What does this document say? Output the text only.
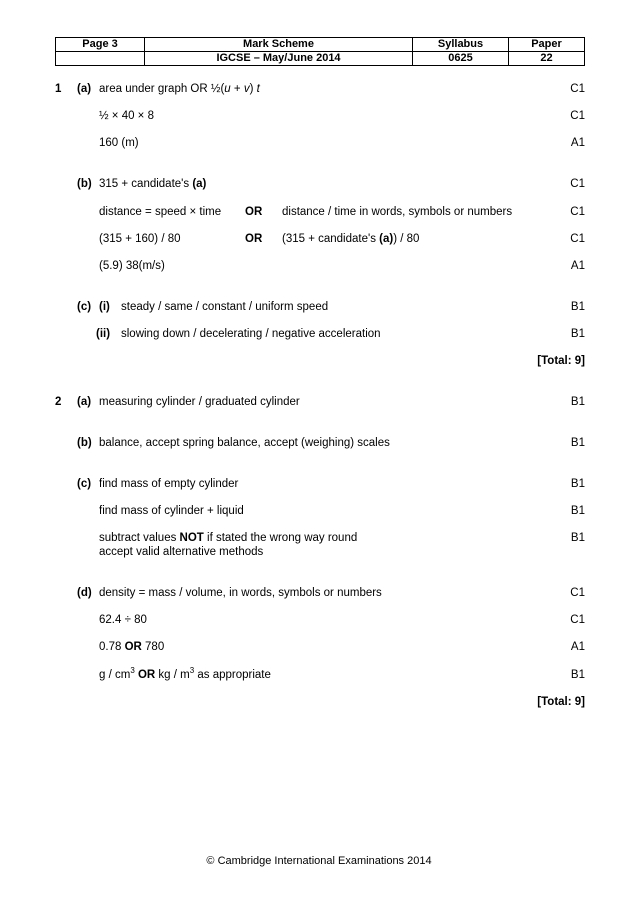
Page 3	Mark Scheme	Syllabus	Paper
	IGCSE – May/June 2014	0625	22
1 (a) area under graph OR ½(u + v) t	C1
½ × 40 × 8	C1
160 (m)	A1
(b) 315 + candidate's (a)	C1
distance = speed × time OR distance / time in words, symbols or numbers	C1
(315 + 160) / 80	OR (315 + candidate's (a)) / 80	C1
(5.9) 38(m/s)	A1
(c) (i) steady / same / constant / uniform speed	B1
(ii) slowing down / decelerating / negative acceleration	B1
[Total: 9]
2 (a) measuring cylinder / graduated cylinder	B1
(b) balance, accept spring balance, accept (weighing) scales	B1
(c) find mass of empty cylinder	B1
find mass of cylinder + liquid	B1
subtract values NOT if stated the wrong way round
accept valid alternative methods
B1
(d) density = mass / volume, in words, symbols or numbers	C1
62.4 ÷ 80	C1
0.78 OR 780	A1
g / $cm^3$ OR kg / $m^3$ as appropriate	B1
[Total: 9]
© Cambridge International Examinations 2014
